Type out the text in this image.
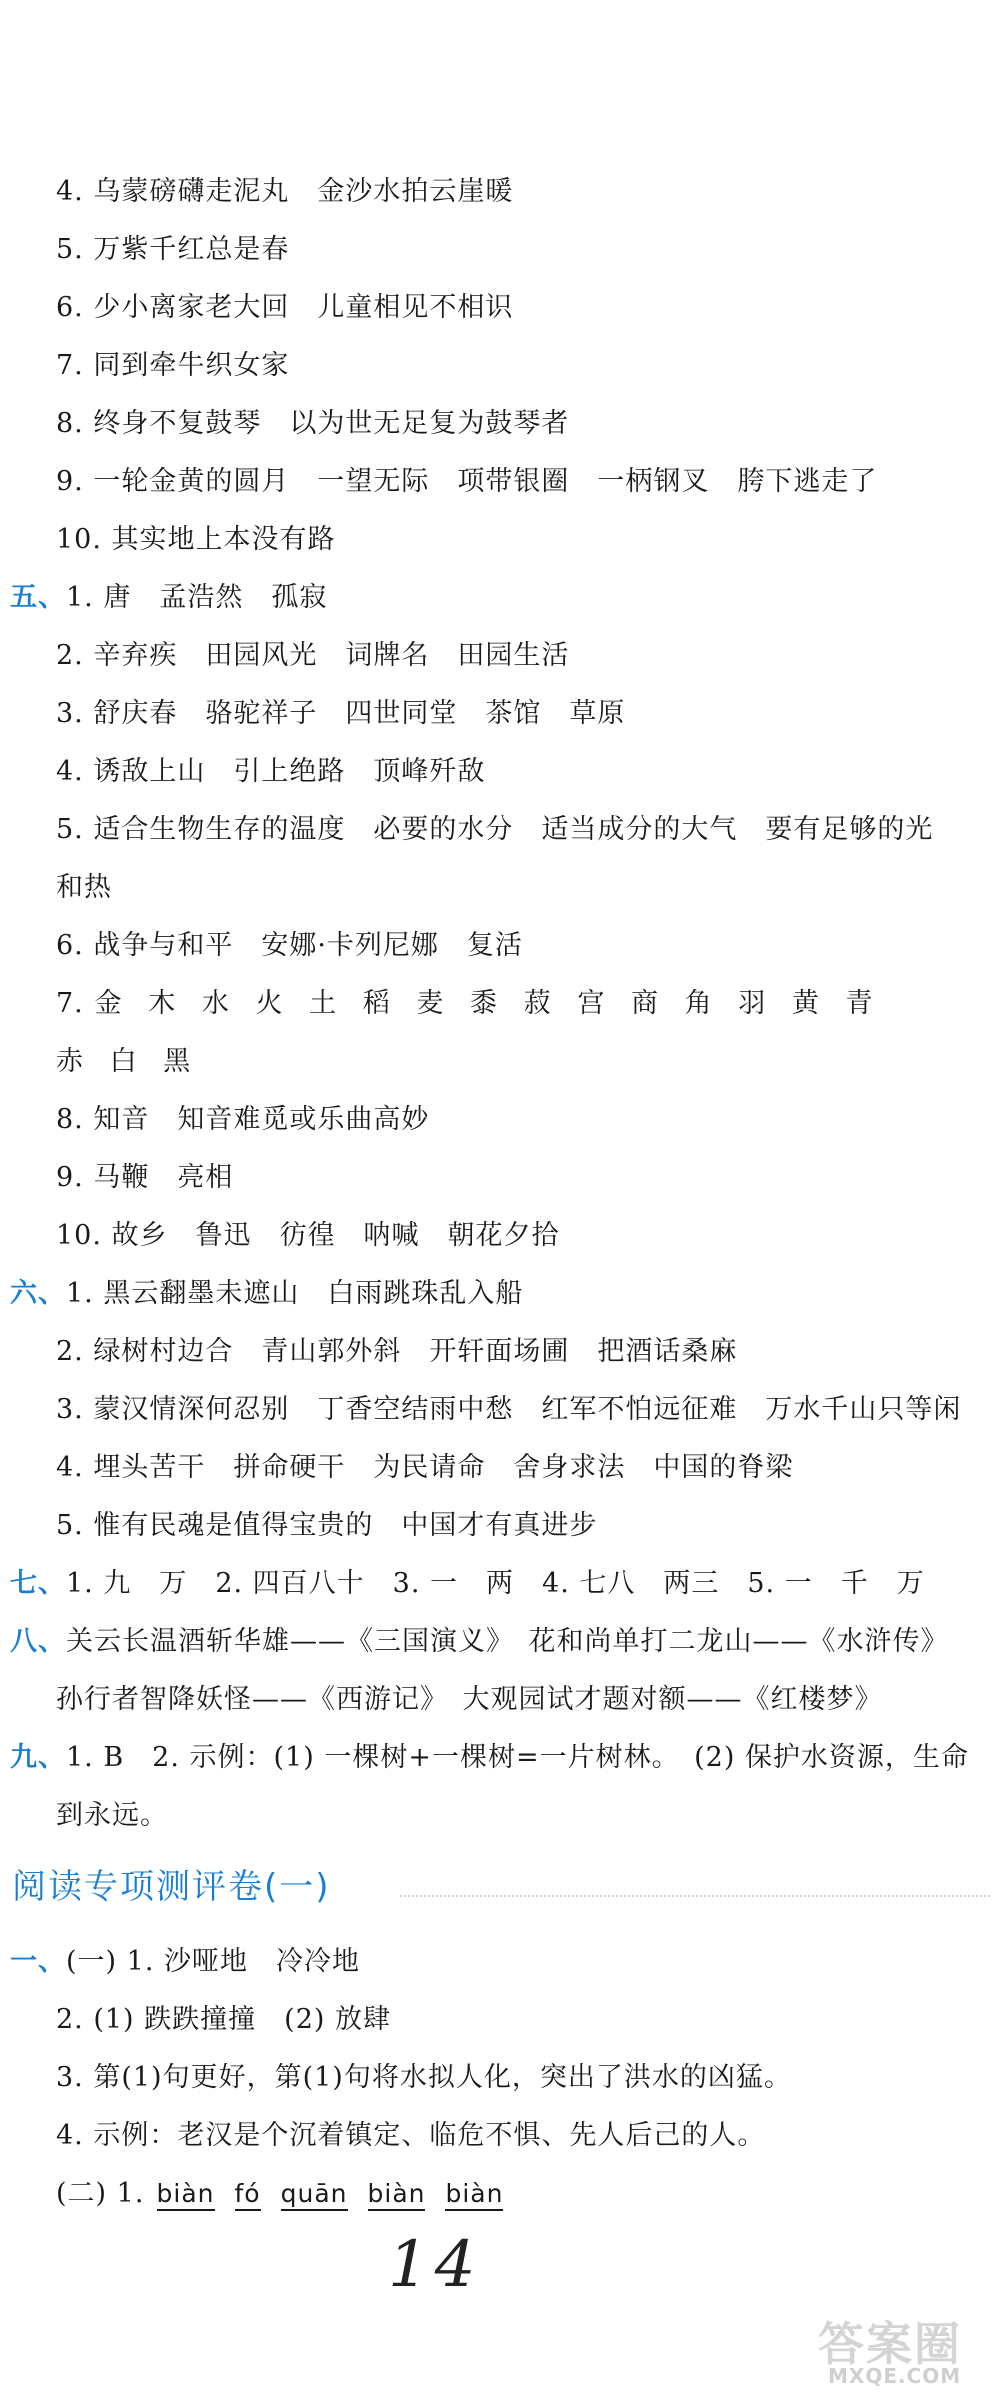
4. 乌蒙磅礴走泥丸　金沙水拍云崖暖
5. 万紫千红总是春
6. 少小离家老大回　儿童相见不相识
7. 同到牵牛织女家
8. 终身不复鼓琴　以为世无足复为鼓琴者
9. 一轮金黄的圆月　一望无际　项带银圈　一柄钢叉　胯下逃走了
10. 其实地上本没有路
五、1. 唐　孟浩然　孤寂
2. 辛弃疾　田园风光　词牌名　田园生活
3. 舒庆春　骆驼祥子　四世同堂　茶馆　草原
4. 诱敌上山　引上绝路　顶峰歼敌
5. 适合生物生存的温度　必要的水分　适当成分的大气　要有足够的光
和热
6. 战争与和平　安娜·卡列尼娜　复活
7. 金 木 水 火 土 稻 麦 黍 菽 宫 商 角 羽 黄 青
赤 白 黑
8. 知音　知音难觅或乐曲高妙
9. 马鞭　亮相
10. 故乡　鲁迅　彷徨　呐喊　朝花夕拾
六、1. 黑云翻墨未遮山　白雨跳珠乱入船
2. 绿树村边合　青山郭外斜　开轩面场圃　把酒话桑麻
3. 蒙汉情深何忍别　丁香空结雨中愁　红军不怕远征难　万水千山只等闲
4. 埋头苦干　拼命硬干　为民请命　舍身求法　中国的脊梁
5. 惟有民魂是值得宝贵的　中国才有真进步
七、1. 九　万　2. 四百八十　3. 一　两　4. 七八　两三　5. 一　千　万
八、关云长温酒斩华雄——《三国演义》　花和尚单打二龙山——《水浒传》
孙行者智降妖怪——《西游记》　大观园试才题对额——《红楼梦》
九、1. B　2. 示例：(1) 一棵树+一棵树=一片树林。　(2) 保护水资源，生命
到永远。
阅读专项测评卷(一)
一、(一) 1. 沙哑地　冷冷地
2. (1) 跌跌撞撞　(2) 放肆
3. 第(1)句更好，第(1)句将水拟人化，突出了洪水的凶猛。
4. 示例：老汉是个沉着镇定、临危不惧、先人后己的人。
(二) 1. biàn fó quān biàn biàn
14
答案圈
MXQE.COM
